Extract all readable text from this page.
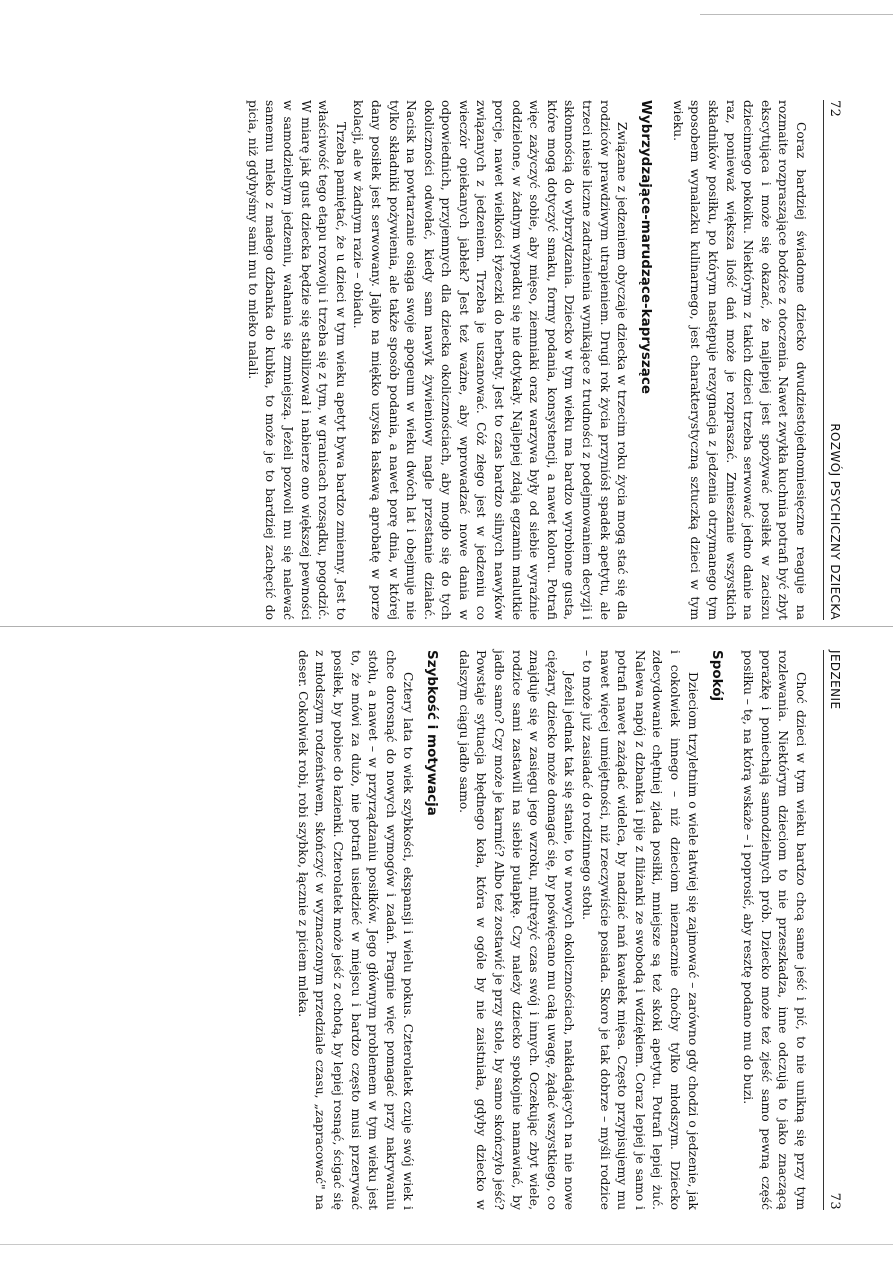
72
ROZWÓJ PSYCHICZNY DZIECKA

Coraz bardziej świadome dziecko dwudziestojednomiesięczne reaguje na rozmaite rozpraszające bodźce z otoczenia. Nawet zwykła kuchnia potrafi być zbyt ekscytująca i może się okazać, że najlepiej jest spożywać posiłek w zaciszu dziecinnego pokoiku. Niektórym z takich dzieci trzeba serwować jedno danie na raz, ponieważ większa ilość dań może je rozpraszać. Zmieszanie wszystkich składników posiłku, po którym następuje rezygnacja z jedzenia otrzymanego tym sposobem wynalazku kulinarnego, jest charakterystyczną sztuczką dzieci w tym wieku.

Wybrzydzające-marudzące-kapryszące

Związane z jedzeniem obyczaje dziecka w trzecim roku życia mogą stać się dla rodziców prawdziwym utrapieniem. Drugi rok życia przyniósł spadek apetytu, ale trzeci niesie liczne zadrażnienia wynikające z trudności z podejmowaniem decyzji i skłonnością do wybrzydzania. Dziecko w tym wieku ma bardzo wyrobione gusta, które mogą dotyczyć smaku, formy podania, konsystencji, a nawet koloru. Potrafi więc zażyczyć sobie, aby mięso, ziemniaki oraz warzywa były od siebie wyraźnie oddzielone, w żadnym wypadku się nie dotykały. Najlepiej zdają egzamin malutkie porcje, nawet wielkości łyżeczki do herbaty. Jest to czas bardzo silnych nawyków związanych z jedzeniem. Trzeba je uszanować. Cóż złego jest w jedzeniu co wieczór opiekanych jabłek? Jest też ważne, aby wprowadzać nowe dania w odpowiednich, przyjemnych dla dziecka okolicznościach, aby mogło się do tych okoliczności odwołać, kiedy sam nawyk żywieniowy nagle przestanie działać. Nacisk na powtarzanie osiąga swoje apogeum w wieku dwóch lat i obejmuje nie tylko składniki pożywienia, ale także sposób podania, a nawet porę dnia, w której dany posiłek jest serwowany. Jajko na miękko uzyska łaskawą aprobatę w porze kolacji, ale w żadnym razie – obiadu.

Trzeba pamiętać, że u dzieci w tym wieku apetyt bywa bardzo zmienny. Jest to właściwość tego etapu rozwoju i trzeba się z tym, w granicach rozsądku, pogodzić. W miarę jak gust dziecka będzie się stabilizował i nabierze ono większej pewności w samodzielnym jedzeniu, wahania się zmniejszą. Jeżeli pozwoli mu się nalewać samemu mleko z małego dzbanka do kubka, to może je to bardziej zachęcić do picia, niż gdybyśmy sami mu to mleko nalali.

JEDZENIE
73

Choć dzieci w tym wieku bardzo chcą same jeść i pić, to nie unikną się przy tym rozlewania. Niektórym dzieciom to nie przeszkadza, inne odczują to jako znaczącą porażkę i poniechają samodzielnych prób. Dziecko może też zjeść samo pewną część posiłku – tę, na którą wskaże – i poprosić, aby resztę podano mu do buzi.

Spokój

Dzieciom trzyletnim o wiele łatwiej się zajmować – zarówno gdy chodzi o jedzenie, jak i cokolwiek innego – niż dzieciom nieznacznie choćby tylko młodszym. Dziecko zdecydowanie chętniej zjada posiłki, mniejsze są też skoki apetytu. Potrafi lepiej żuć. Nalewa napój z dzbanka i pije z filiżanki ze swobodą i wdziękiem. Coraz lepiej je samo i potrafi nawet zażądać widelca, by nadziać nań kawałek mięsa. Często przypisujemy mu nawet więcej umiejętności, niż rzeczywiście posiada. Skoro je tak dobrze – myśli rodzice – to może już zasiadać do rodzinnego stołu.

Jeżeli jednak tak się stanie, to w nowych okolicznościach, nakładających na nie nowe ciężary, dziecko może domagać się, by poświęcano mu całą uwagę, żądać wszystkiego, co znajduje się w zasięgu jego wzroku, mitrężyć czas swój i innych. Oczekując zbyt wiele, rodzice sami zastawili na siebie pułapkę. Czy należy dziecko spokojnie namawiać, by jadło samo? Czy może je karmić? Albo też zostawić je przy stole, by samo skończyło jeść? Powstaje sytuacja błędnego koła, która w ogóle by nie zaistniała, gdyby dziecko w dalszym ciągu jadło samo.

Szybkość i motywacja

Cztery lata to wiek szybkości, ekspansji i wielu pokus. Czterolatek czuje swój wiek i chce dorosnąć do nowych wymogów i zadań. Pragnie więc pomagać przy nakrywaniu stołu, a nawet – w przyrządzaniu posiłków. Jego głównym problemem w tym wieku jest to, że mówi za dużo, nie potrafi usiedzieć w miejscu i bardzo często musi przerywać posiłek, by pobiec do łazienki. Czterolatek może jeść z ochotą, by lepiej rosnąć, ścigać się z młodszym rodzeństwem, skończyć w wyznaczonym przedziale czasu, „zapracować" na deser. Cokolwiek robi, robi szybko, łącznie z piciem mleka.
